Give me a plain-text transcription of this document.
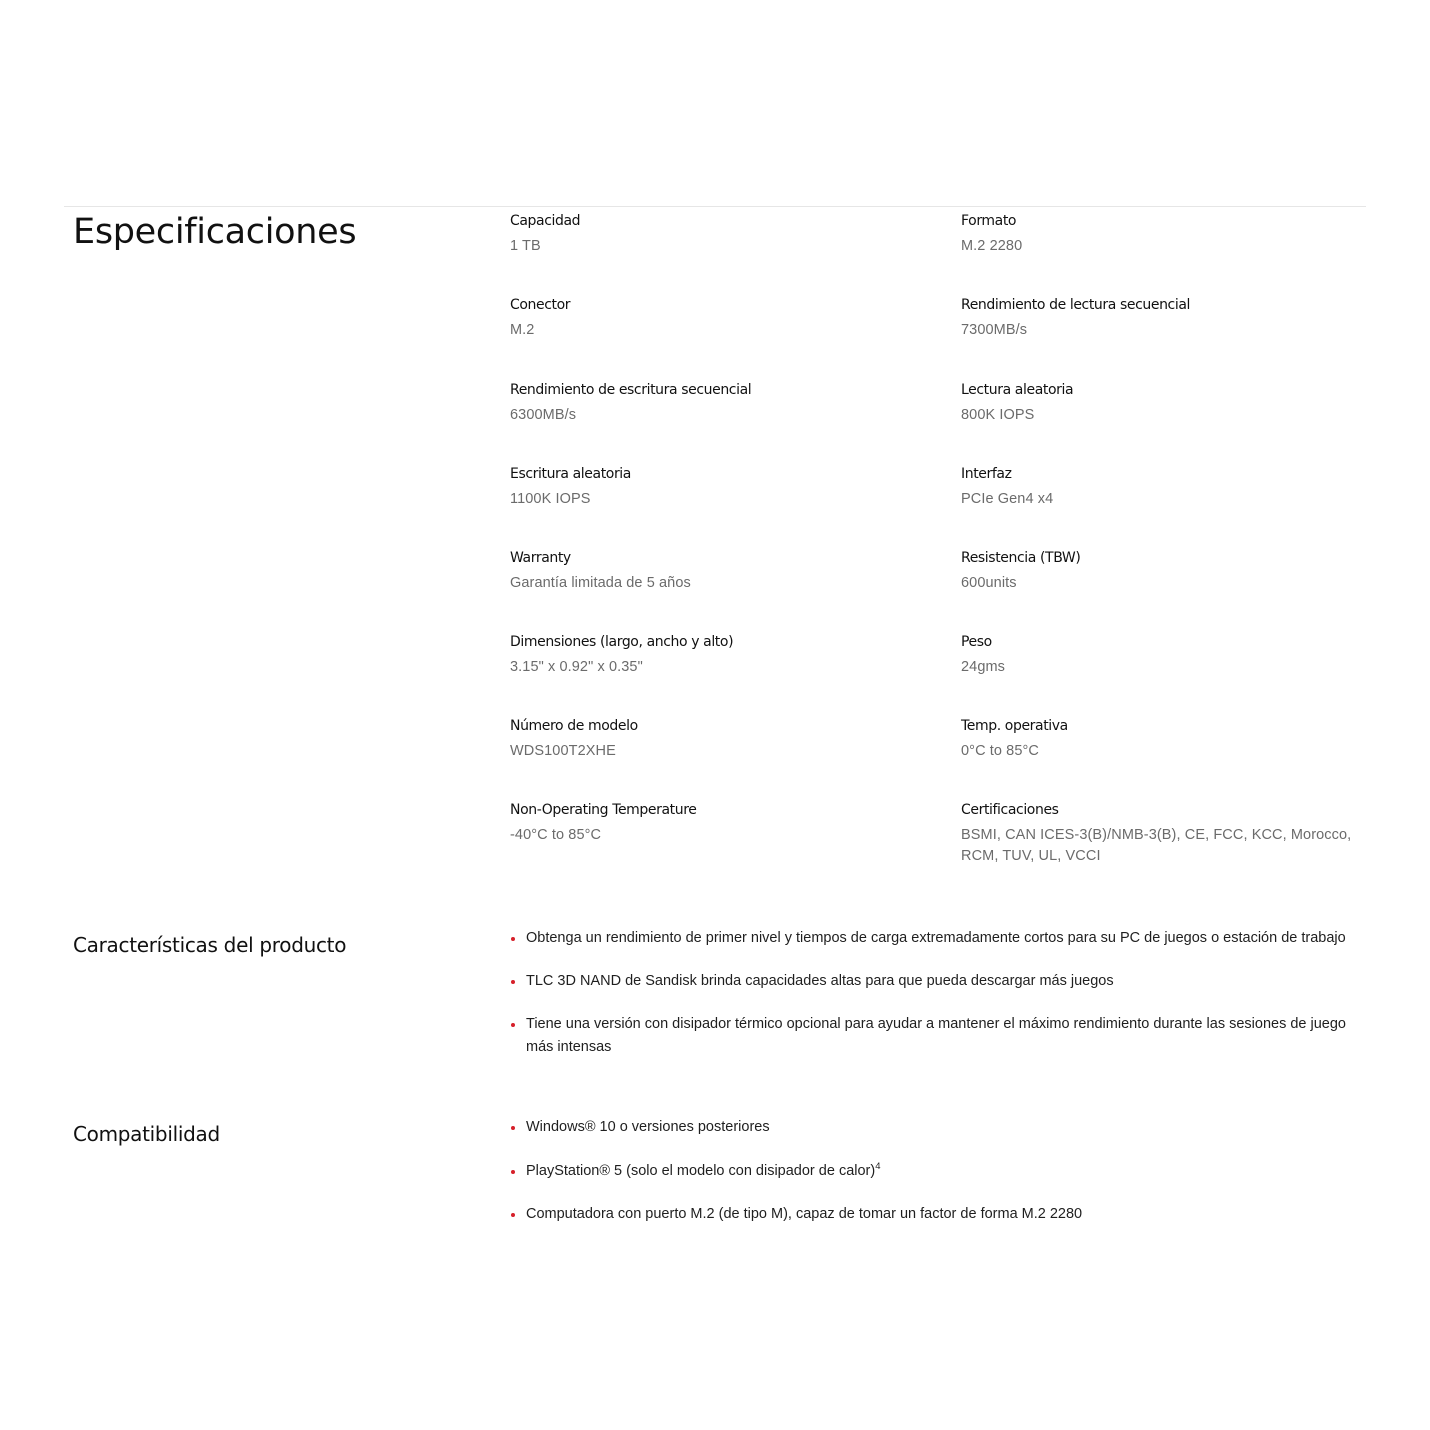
Especificaciones	Capacidad
1 TB
Formato
M.2 2280
Conector
M.2
Rendimiento de lectura secuencial
7300MB/s
Rendimiento de escritura secuencial
6300MB/s
Lectura aleatoria
800K IOPS
Escritura aleatoria
1100K IOPS
Interfaz
PCIe Gen4 x4
Warranty
Garantía limitada de 5 años
Resistencia (TBW)
600units
Dimensiones (largo, ancho y alto)
3.15" x 0.92" x 0.35"
Peso
24gms
Número de modelo
WDS100T2XHE
Temp. operativa
0°C to 85°C
Non-Operating Temperature
-40°C to 85°C
Certificaciones
BSMI, CAN ICES-3(B)/NMB-3(B), CE, FCC, KCC, Morocco, RCM, TUV, UL, VCCI
Características del producto	Obtenga un rendimiento de primer nivel y tiempos de carga extremadamente cortos para su PC de juegos o estación de trabajo
TLC 3D NAND de Sandisk brinda capacidades altas para que pueda descargar más juegos
Tiene una versión con disipador térmico opcional para ayudar a mantener el máximo rendimiento durante las sesiones de juego más intensas
Compatibilidad	Windows® 10 o versiones posteriores
PlayStation® 5 (solo el modelo con disipador de calor)$^4$
Computadora con puerto M.2 (de tipo M), capaz de tomar un factor de forma M.2 2280
